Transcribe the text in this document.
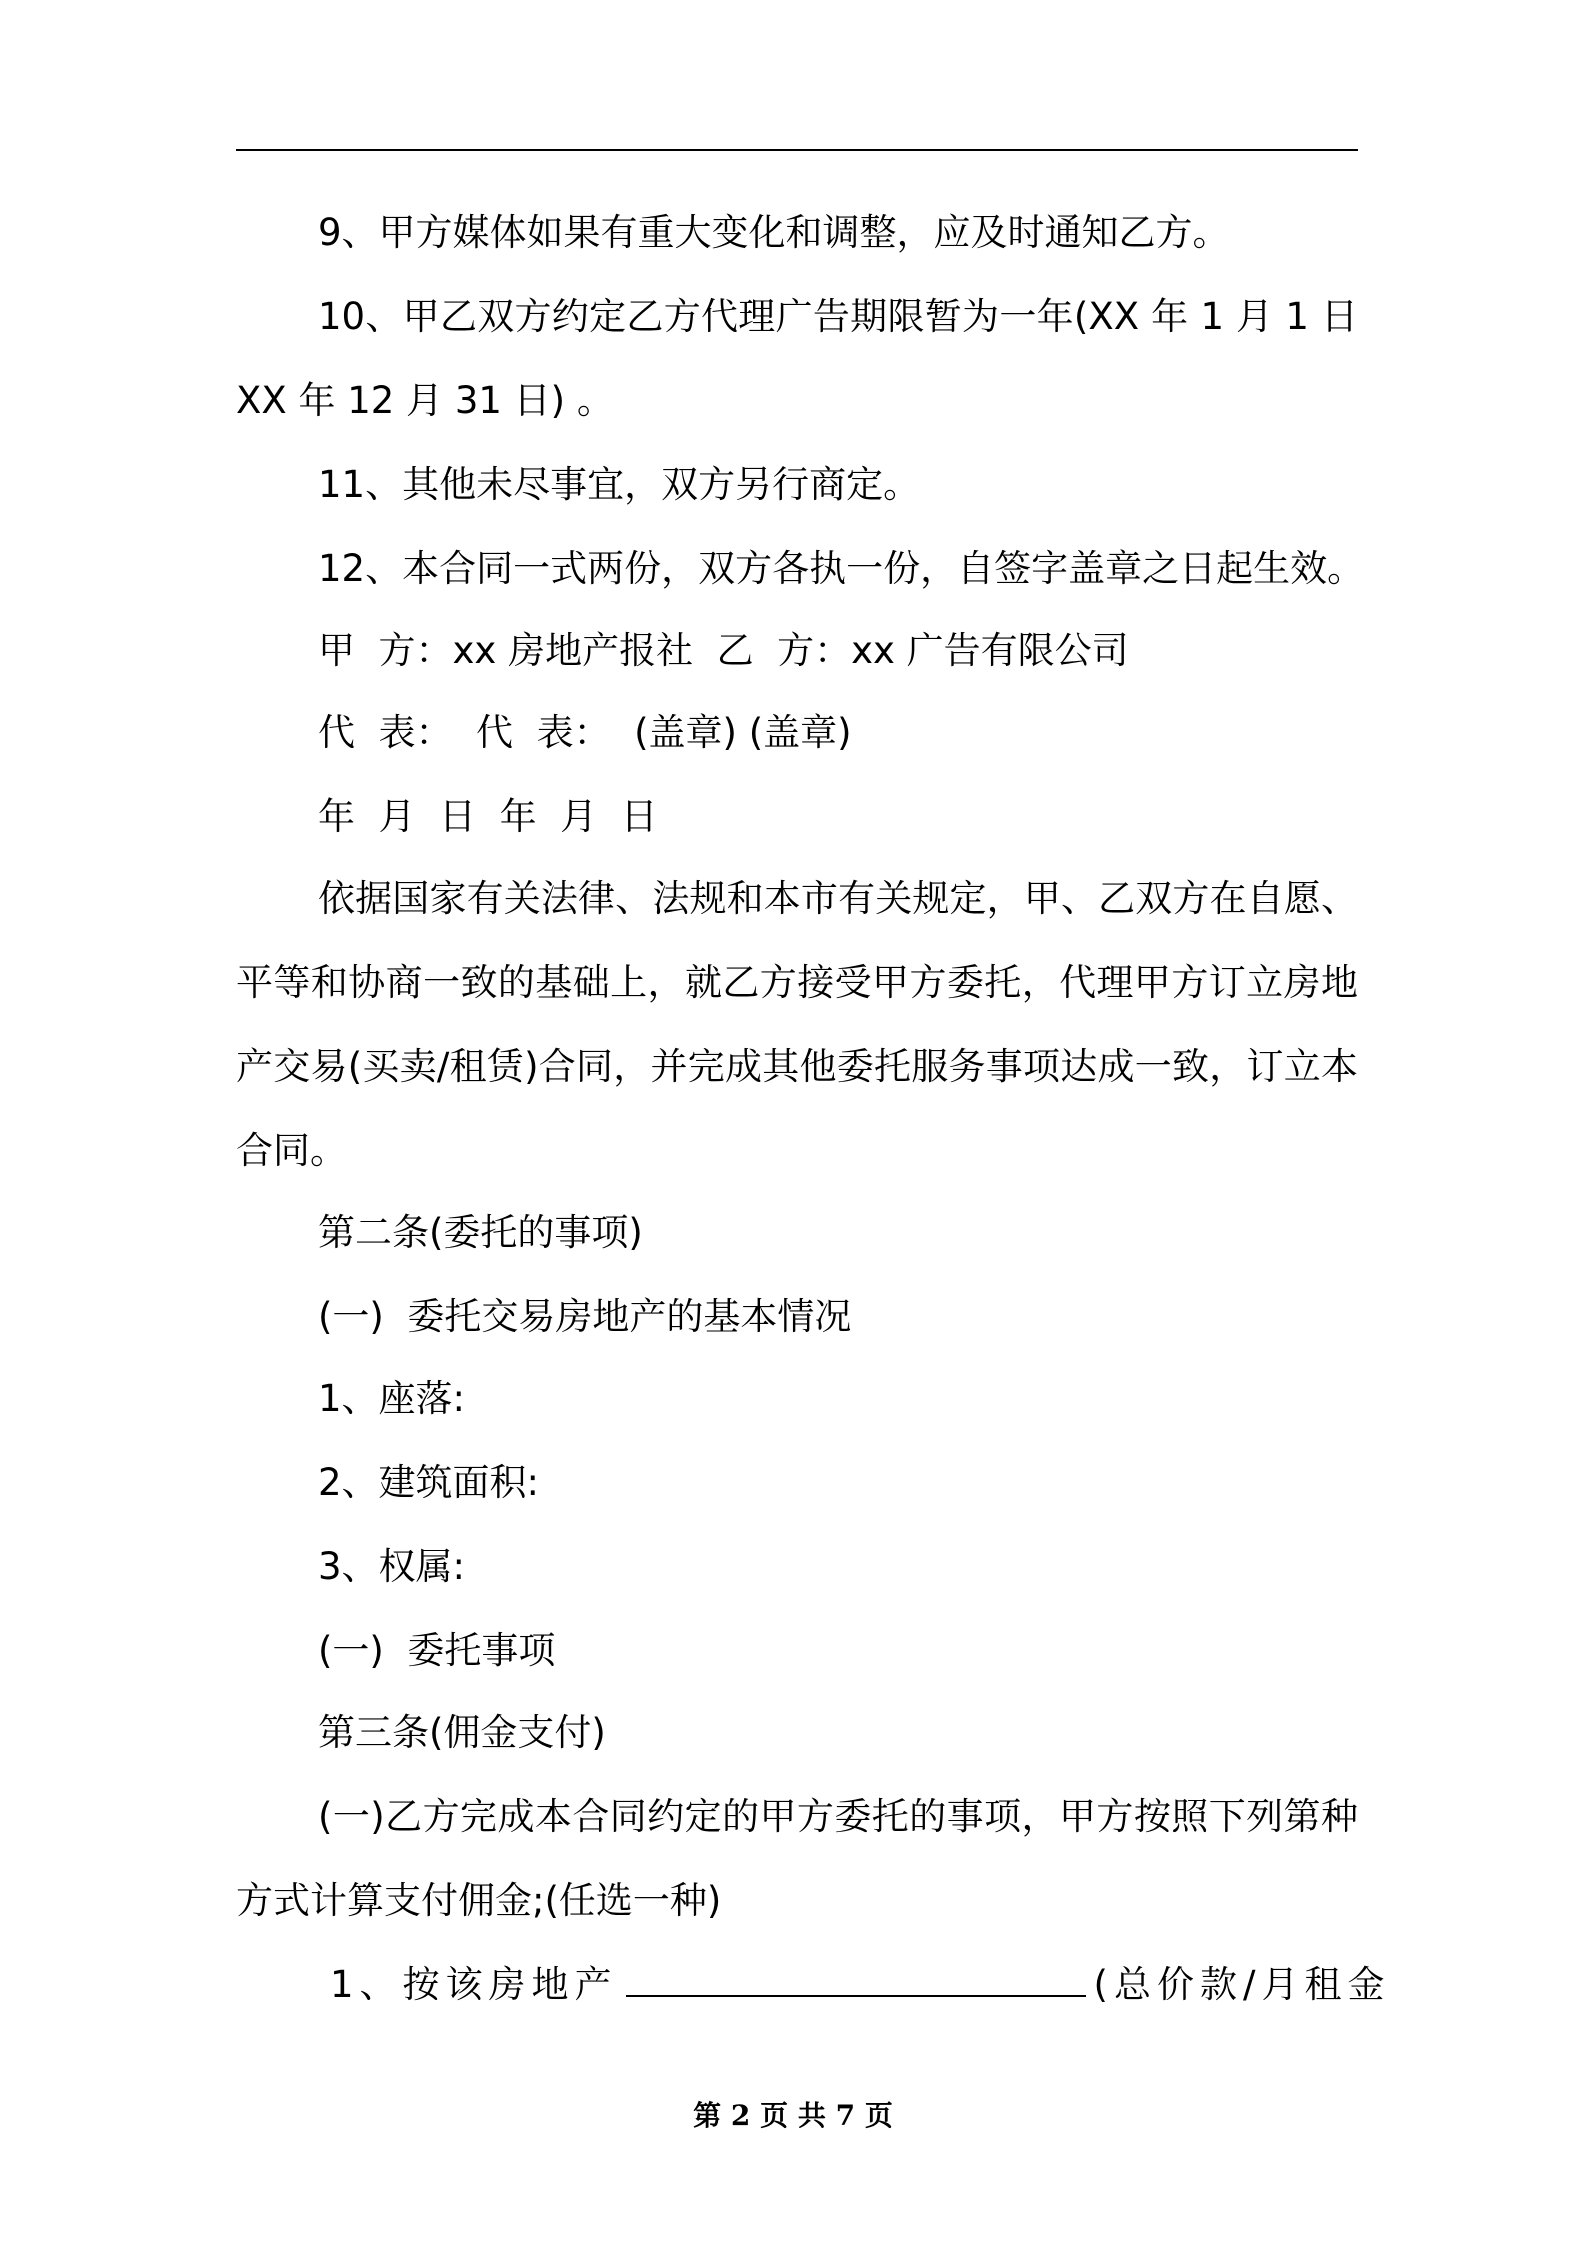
9、甲方媒体如果有重大变化和调整，应及时通知乙方。

10、甲乙双方约定乙方代理广告期限暂为一年(XX 年 1 月 1 日

XX 年 12 月 31 日) 。

11、其他未尽事宜，双方另行商定。

12、本合同一式两份，双方各执一份，自签字盖章之日起生效。

甲  方：xx 房地产报社  乙  方：xx 广告有限公司

代  表：  代  表：  (盖章) (盖章)

年  月  日  年  月  日

依据国家有关法律、法规和本市有关规定，甲、乙双方在自愿、

平等和协商一致的基础上，就乙方接受甲方委托，代理甲方订立房地

产交易(买卖/租赁)合同，并完成其他委托服务事项达成一致，订立本

合同。

第二条(委托的事项)

(一)  委托交易房地产的基本情况

1、座落:

2、建筑面积:

3、权属:

(一)  委托事项

第三条(佣金支付)

(一)乙方完成本合同约定的甲方委托的事项，甲方按照下列第种

方式计算支付佣金;(任选一种)

1、按该房地产	(总价款/月租金

第 2 页 共 7 页
